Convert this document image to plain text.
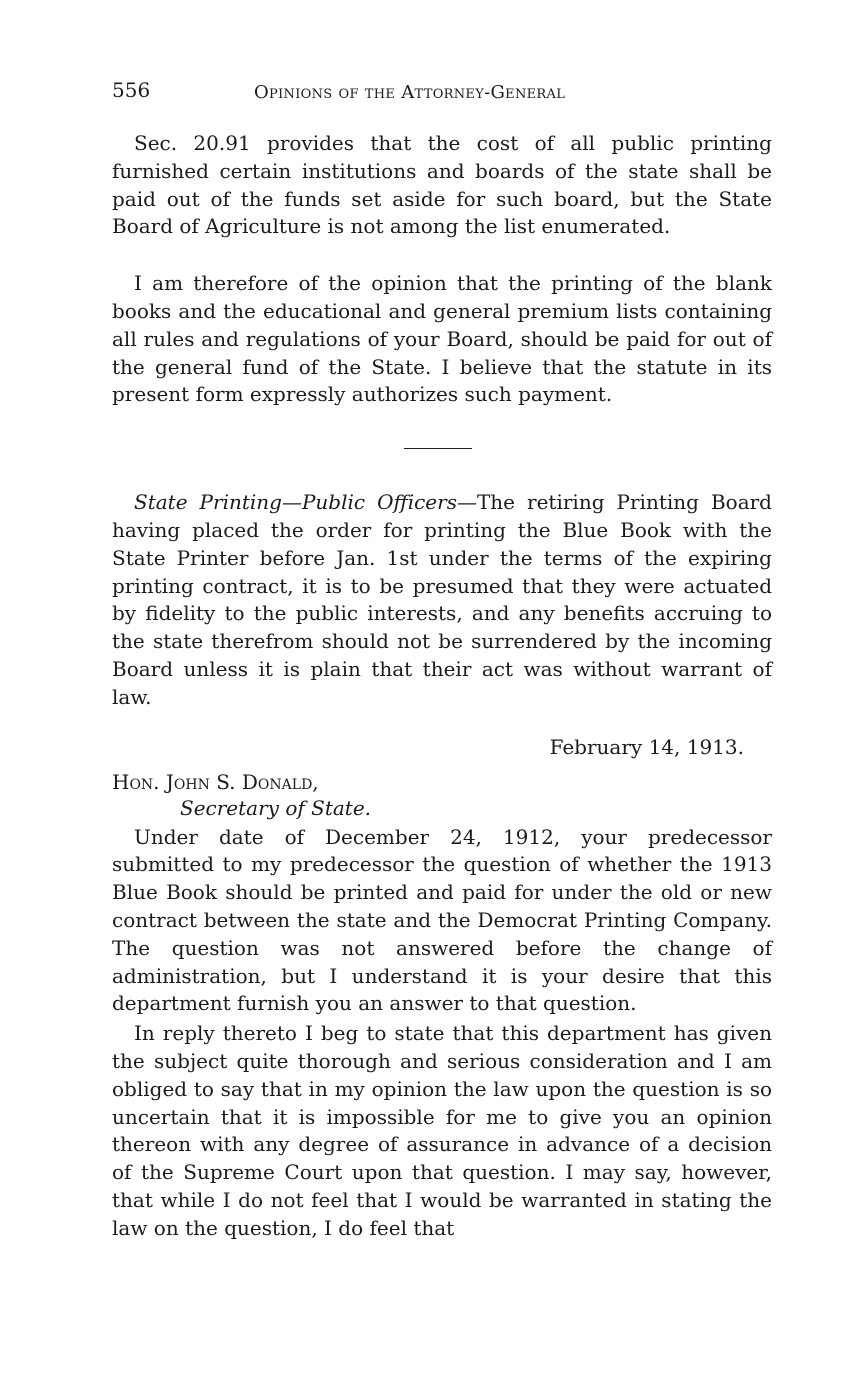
556	Opinions of the Attorney-General

Sec. 20.91 provides that the cost of all public printing furnished certain institutions and boards of the state shall be paid out of the funds set aside for such board, but the State Board of Agriculture is not among the list enumerated.

I am therefore of the opinion that the printing of the blank books and the educational and general premium lists containing all rules and regulations of your Board, should be paid for out of the general fund of the State. I believe that the statute in its present form expressly authorizes such payment.

State Printing—Public Officers—The retiring Printing Board having placed the order for printing the Blue Book with the State Printer before Jan. 1st under the terms of the expiring printing contract, it is to be presumed that they were actuated by fidelity to the public interests, and any benefits accruing to the state therefrom should not be surrendered by the incoming Board unless it is plain that their act was without warrant of law.

February 14, 1913.
Hon. John S. Donald,
Secretary of State.

Under date of December 24, 1912, your predecessor submitted to my predecessor the question of whether the 1913 Blue Book should be printed and paid for under the old or new contract between the state and the Democrat Printing Company. The question was not answered before the change of administration, but I understand it is your desire that this department furnish you an answer to that question.

In reply thereto I beg to state that this department has given the subject quite thorough and serious consideration and I am obliged to say that in my opinion the law upon the question is so uncertain that it is impossible for me to give you an opinion thereon with any degree of assurance in advance of a decision of the Supreme Court upon that question. I may say, however, that while I do not feel that I would be warranted in stating the law on the question, I do feel that
